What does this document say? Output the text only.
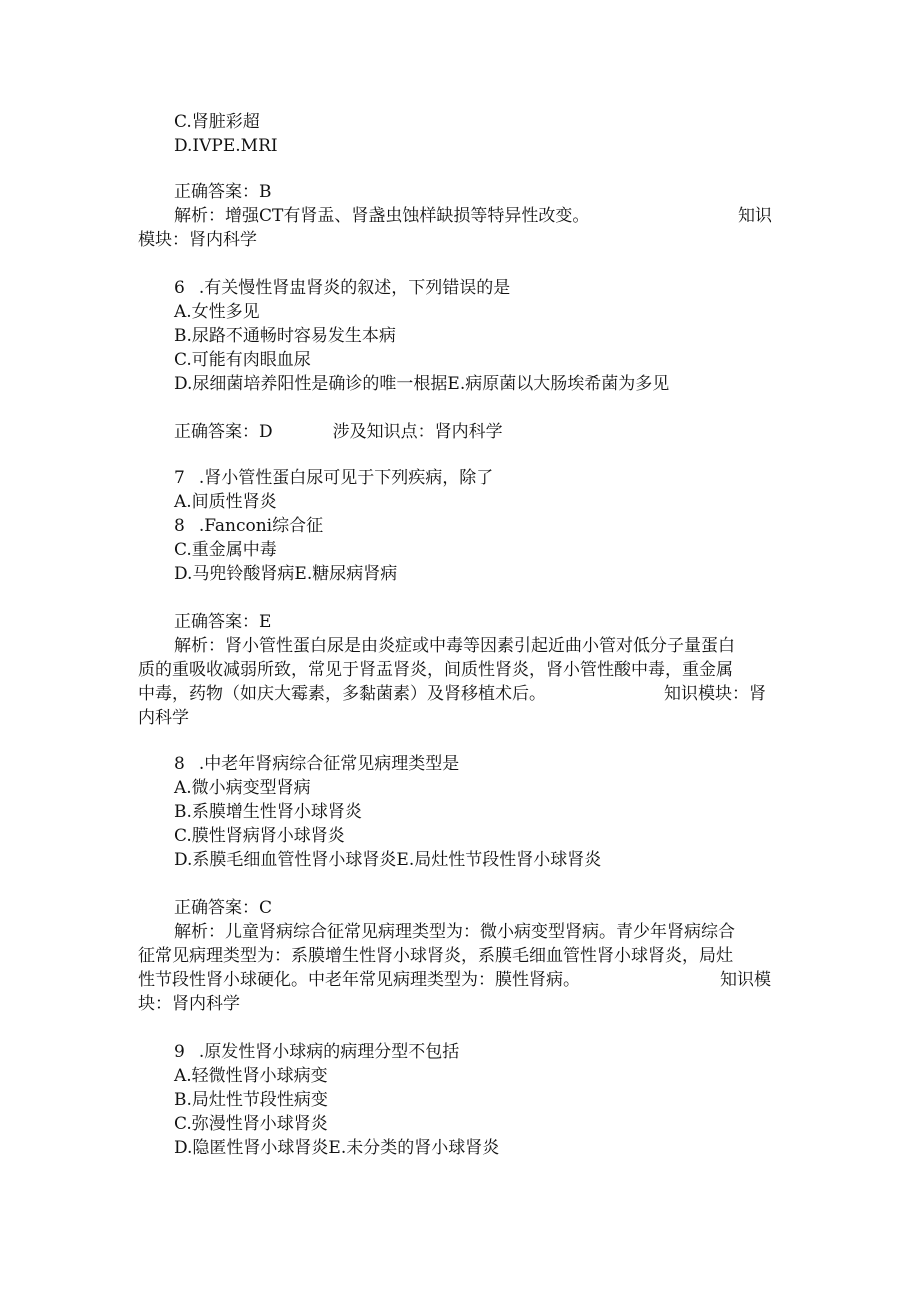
C.肾脏彩超
D.IVPE.MRI
正确答案：B
解析：增强CT有肾盂、肾盏虫蚀样缺损等特异性改变。	知识
模块：肾内科学
6 .有关慢性肾盅肾炎的叙述，下列错误的是
A.女性多见
B.尿路不通畅时容易发生本病
C.可能有肉眼血尿
D.尿细菌培养阳性是确诊的唯一根据E.病原菌以大肠埃希菌为多见
正确答案：D	涉及知识点：肾内科学
7 .肾小管性蛋白尿可见于下列疾病，除了
A.间质性肾炎
8 .Fanconi综合征
C.重金属中毒
D.马兜铃酸肾病E.糖尿病肾病
正确答案：E
解析：肾小管性蛋白尿是由炎症或中毒等因素引起近曲小管对低分子量蛋白
质的重吸收减弱所致，常见于肾盂肾炎，间质性肾炎，肾小管性酸中毒，重金属
中毒，药物（如庆大霉素，多黏菌素）及肾移植术后。	知识模块：肾
内科学
8 .中老年肾病综合征常见病理类型是
A.微小病变型肾病
B.系膜增生性肾小球肾炎
C.膜性肾病肾小球肾炎
D.系膜毛细血管性肾小球肾炎E.局灶性节段性肾小球肾炎
正确答案：C
解析：儿童肾病综合征常见病理类型为：微小病变型肾病。青少年肾病综合
征常见病理类型为：系膜增生性肾小球肾炎，系膜毛细血管性肾小球肾炎，局灶
性节段性肾小球硬化。中老年常见病理类型为：膜性肾病。	知识模
块：肾内科学
9 .原发性肾小球病的病理分型不包括
A.轻微性肾小球病变
B.局灶性节段性病变
C.弥漫性肾小球肾炎
D.隐匿性肾小球肾炎E.未分类的肾小球肾炎
